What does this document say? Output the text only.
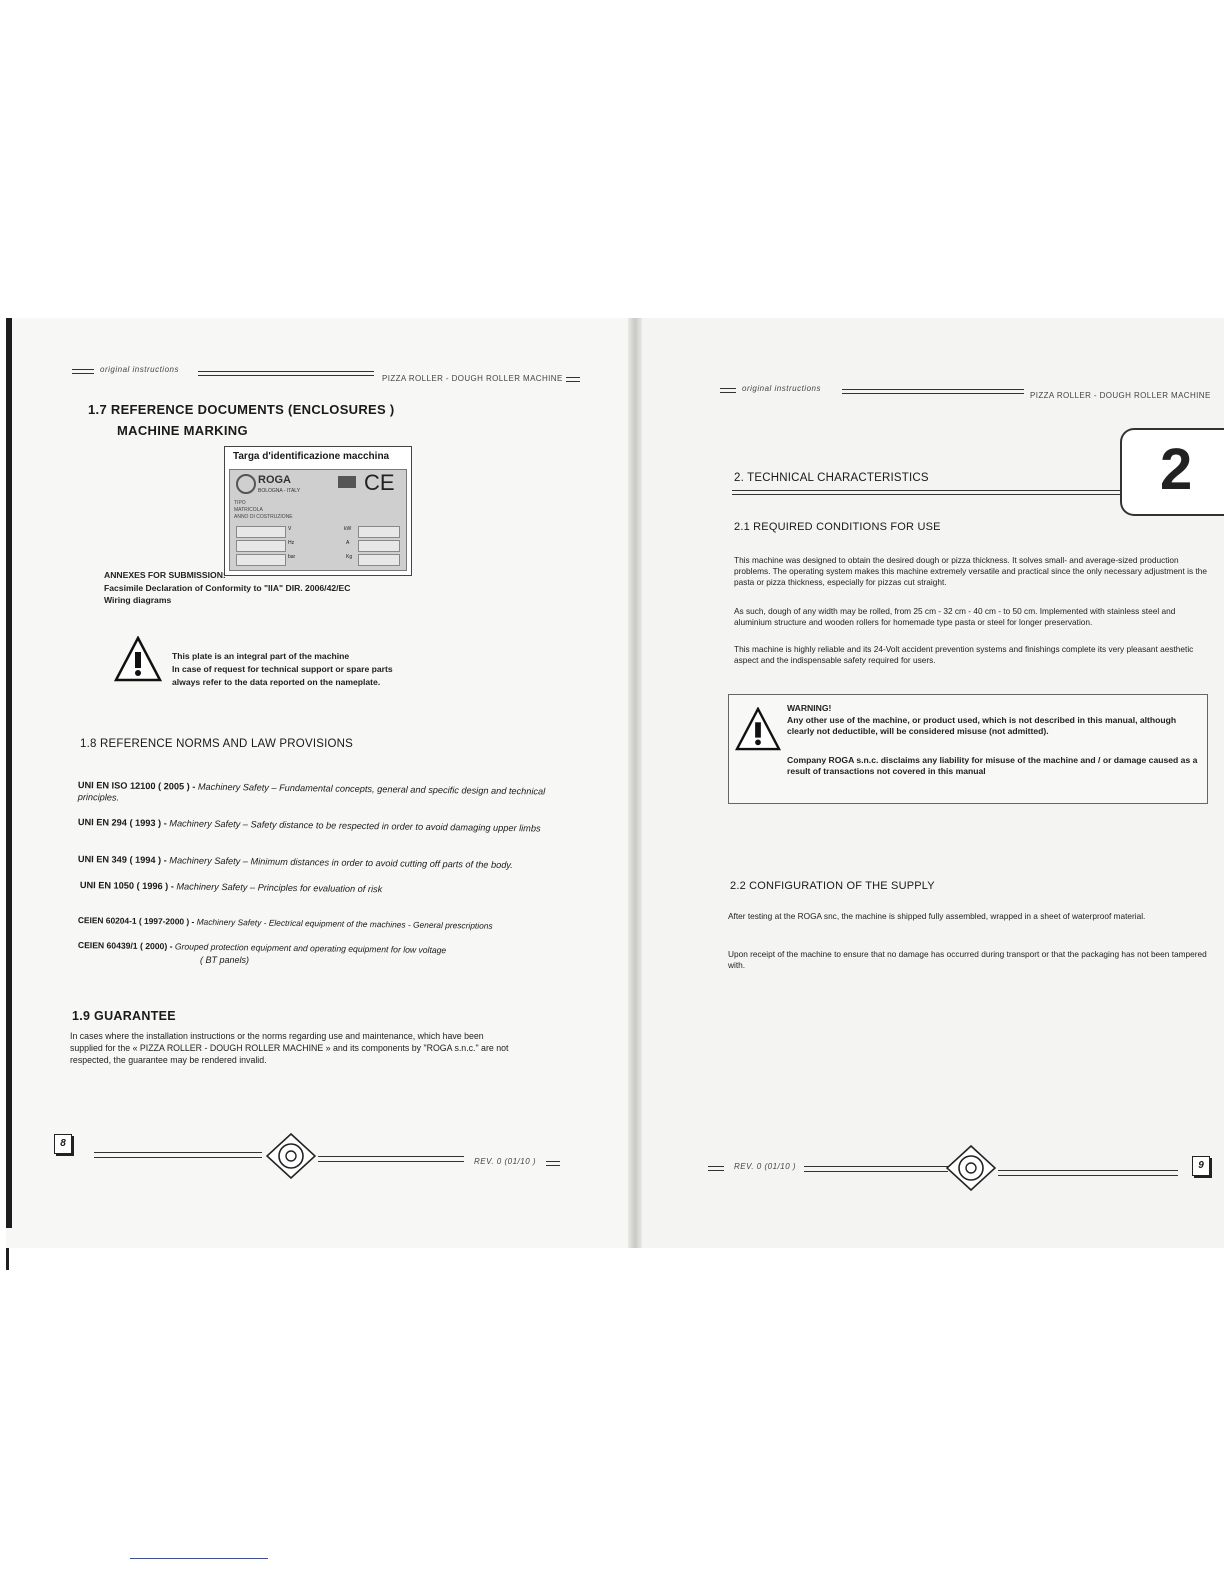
original instructions
PIZZA ROLLER - DOUGH ROLLER MACHINE
1.7 REFERENCE DOCUMENTS (ENCLOSURES )
MACHINE MARKING
Targa d'identificazione macchina
ROGA
BOLOGNA - ITALY	CE
TIPO
MATRICOLA
ANNO DI COSTRUZIONE
V
Hz
bar
kW
A
Kg
ANNEXES FOR SUBMISSION:
Facsimile Declaration of Conformity to "IIA" DIR. 2006/42/EC
Wiring diagrams
This plate is an integral part of the machine
In case of request for technical support or spare parts
always refer to the data reported on the nameplate.
1.8 REFERENCE NORMS AND LAW PROVISIONS
UNI EN ISO 12100 ( 2005 ) - Machinery Safety – Fundamental concepts, general and specific design and technical principles.
UNI EN 294 ( 1993 ) - Machinery Safety – Safety distance to be respected in order to avoid damaging upper limbs
UNI EN 349 ( 1994 ) - Machinery Safety – Minimum distances in order to avoid cutting off parts of the body.
UNI EN 1050 ( 1996 ) - Machinery Safety – Principles for evaluation of risk
CEIEN 60204-1 ( 1997-2000 ) - Machinery Safety - Electrical equipment of the machines - General prescriptions
CEIEN 60439/1 ( 2000) - Grouped protection equipment and operating equipment for low voltage
( BT panels)
1.9 GUARANTEE
In cases where the installation instructions or the norms regarding use and maintenance, which have been supplied for the « PIZZA ROLLER - DOUGH ROLLER MACHINE » and its components by "ROGA s.n.c." are not respected, the guarantee may be rendered invalid.
8
REV. 0 (01/10 )
original instructions
PIZZA ROLLER - DOUGH ROLLER MACHINE
2
2. TECHNICAL CHARACTERISTICS
2.1 REQUIRED CONDITIONS FOR USE
This machine was designed to obtain the desired dough or pizza thickness. It solves small- and average-sized production problems. The operating system makes this machine extremely versatile and practical since the only necessary adjustment is the pasta or pizza thickness, especially for pizzas cut straight.
As such, dough of any width may be rolled, from 25 cm - 32 cm - 40 cm - to 50 cm. Implemented with stainless steel and aluminium structure and wooden rollers for homemade type pasta or steel for longer preservation.
This machine is highly reliable and its 24-Volt accident prevention systems and finishings complete its very pleasant aesthetic aspect and the indispensable safety required for users.
WARNING!
Any other use of the machine, or product used, which is not described in this manual, although clearly not deductible, will be considered misuse (not admitted).
Company ROGA s.n.c. disclaims any liability for misuse of the machine and / or damage caused as a result of transactions not covered in this manual
2.2 CONFIGURATION OF THE SUPPLY
After testing at the ROGA snc, the machine is shipped fully assembled, wrapped in a sheet of waterproof material.
Upon receipt of the machine to ensure that no damage has occurred during transport or that the packaging has not been tampered with.
REV. 0 (01/10 )	9
